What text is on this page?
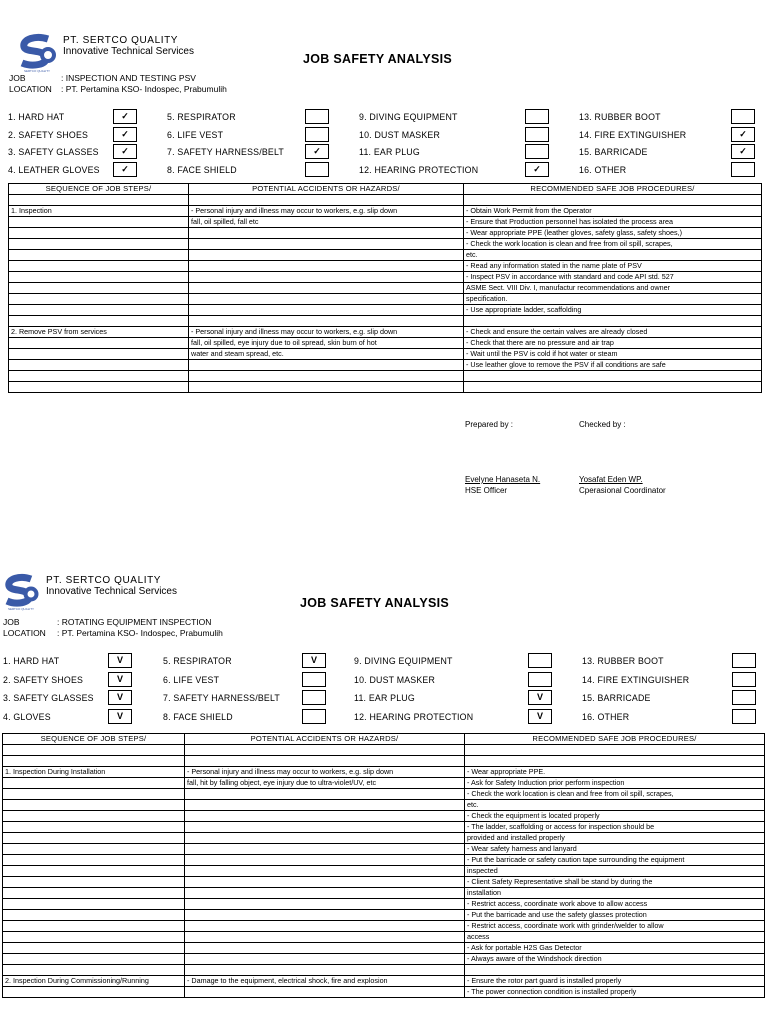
SERTCO QUALITY
PT. SERTCO QUALITY
Innovative Technical Services
JOB SAFETY ANALYSIS
JOB	: INSPECTION AND TESTING PSV
LOCATION : PT. Pertamina KSO- Indospec, Prabumulih
1. HARD HAT	✓
2. SAFETY SHOES	✓
3. SAFETY GLASSES	✓
4. LEATHER GLOVES	✓
5. RESPIRATOR
6. LIFE VEST
7. SAFETY HARNESS/BELT	✓
8. FACE SHIELD
9. DIVING EQUIPMENT
10. DUST MASKER
11. EAR PLUG
12. HEARING PROTECTION	✓
13. RUBBER BOOT
14. FIRE EXTINGUISHER	✓
15. BARRICADE	✓
16. OTHER
SEQUENCE OF JOB STEPS/	POTENTIAL ACCIDENTS OR HAZARDS/	RECOMMENDED SAFE JOB PROCEDURES/

1. Inspection	- Personal injury and illness may occur to workers, e.g. slip down	- Obtain Work Permit from the Operator
	fall, oil spilled, fall etc	- Ensure that Production personnel has isolated the process area
		- Wear appropriate PPE (leather gloves, safety glass, safety shoes,)
		- Check the work location is clean and free from oil spill, scrapes,
		etc.
		- Read any information stated in the name plate of PSV
		- Inspect PSV in accordance with standard and code API std. 527
		ASME Sect. VIII Div. I, manufactur recommendations and owner
		specification.
		- Use appropriate ladder, scaffolding

2. Remove PSV from services	- Personal injury and illness may occur to workers, e.g. slip down	- Check and ensure the certain valves are already closed
	fall, oil spilled, eye injury due to oil spread, skin burn of hot	- Check that there are no pressure and air trap
	water and steam spread, etc.	- Wait until the PSV is cold if hot water or steam
		- Use leather glove to remove the PSV if all conditions are safe

Prepared by :	Checked by :
Evelyne Hanaseta N.
HSE Officer
Yosafat Eden WP.
Cperasional Coordinator
SERTCO QUALITY
PT. SERTCO QUALITY
Innovative Technical Services
JOB SAFETY ANALYSIS
JOB	: ROTATING EQUIPMENT INSPECTION
LOCATION : PT. Pertamina KSO- Indospec, Prabumulih
1. HARD HAT	V
2. SAFETY SHOES	V
3. SAFETY GLASSES	V
4. GLOVES	V
5. RESPIRATOR	V
6. LIFE VEST
7. SAFETY HARNESS/BELT
8. FACE SHIELD
9. DIVING EQUIPMENT
10. DUST MASKER
11. EAR PLUG	V
12. HEARING PROTECTION	V
13. RUBBER BOOT
14. FIRE EXTINGUISHER
15. BARRICADE
16. OTHER
SEQUENCE OF JOB STEPS/	POTENTIAL ACCIDENTS OR HAZARDS/	RECOMMENDED SAFE JOB PROCEDURES/

1. Inspection During Installation	- Personal injury and illness may occur to workers, e.g. slip down	- Wear appropriate PPE.
	fall, hit by falling object, eye injury due to ultra-violet/UV, etc	- Ask for Safety Induction prior perform inspection
		- Check the work location is clean and free from oil spill, scrapes,
		etc.
		- Check the equipment is located properly
		- The ladder, scaffolding or access for inspection should be
		provided and installed properly
		- Wear safety harness and lanyard
		- Put the barricade or safety caution tape surrounding the equipment
		inspected
		- Client Safety Representative shall be stand by during the
		installation
		- Restrict access, coordinate work above to allow access
		- Put the barricade and use the safety glasses protection
		- Restrict access, coordinate work with grinder/welder to allow
		access
		- Ask for portable H2S Gas Detector
		- Always aware of the Windshock direction

2. Inspection During Commissioning/Running	- Damage to the equipment, electrical shock, fire and explosion	- Ensure the rotor part guard is installed properly
		- The power connection condition is installed properly
